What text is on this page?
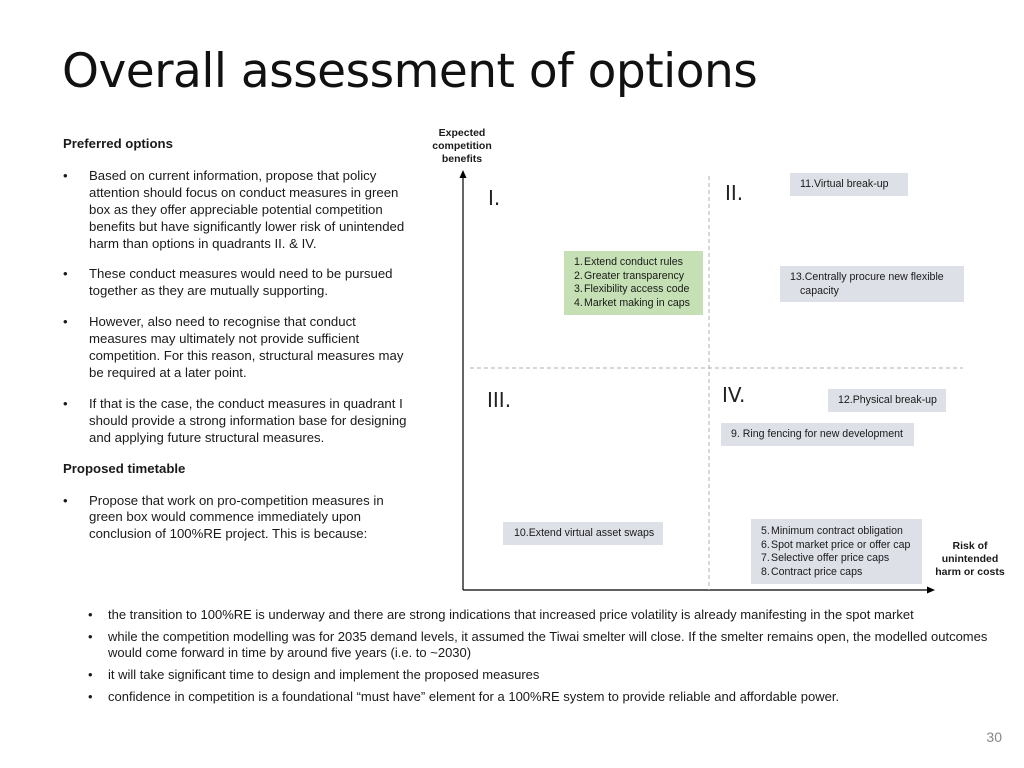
Overall assessment of options
Preferred options
• Based on current information, propose that policy attention should focus on conduct measures in green box as they offer appreciable potential competition benefits but have significantly lower risk of unintended harm than options in quadrants II. & IV.
• These conduct measures would need to be pursued together as they are mutually supporting.
• However, also need to recognise that conduct measures may ultimately not provide sufficient competition. For this reason, structural measures may be required at a later point.
• If that is the case, the conduct measures in quadrant I should provide a strong information base for designing and applying future structural measures.
Proposed timetable
• Propose that work on pro-competition measures in green box would commence immediately upon conclusion of 100%RE project. This is because:
• the transition to 100%RE is underway and there are strong indications that increased price volatility is already manifesting in the spot market
• while the competition modelling was for 2035 demand levels, it assumed the Tiwai smelter will close. If the smelter remains open, the modelled outcomes would come forward in time by around five years (i.e. to ~2030)
• it will take significant time to design and implement the proposed measures
• confidence in competition is a foundational “must have” element for a 100%RE system to provide reliable and affordable power.
Expected competition benefits
Risk of unintended harm or costs
I.	II.
III.	IV.
1. Extend conduct rules
2. Greater transparency
3. Flexibility access code
4. Market making in caps
11.Virtual break-up
13.Centrally procure new flexible capacity
12.Physical break-up
9. Ring fencing for new development
10.Extend virtual asset swaps	5. Minimum contract obligation
6. Spot market price or offer cap
7. Selective offer price caps
8. Contract price caps
30
